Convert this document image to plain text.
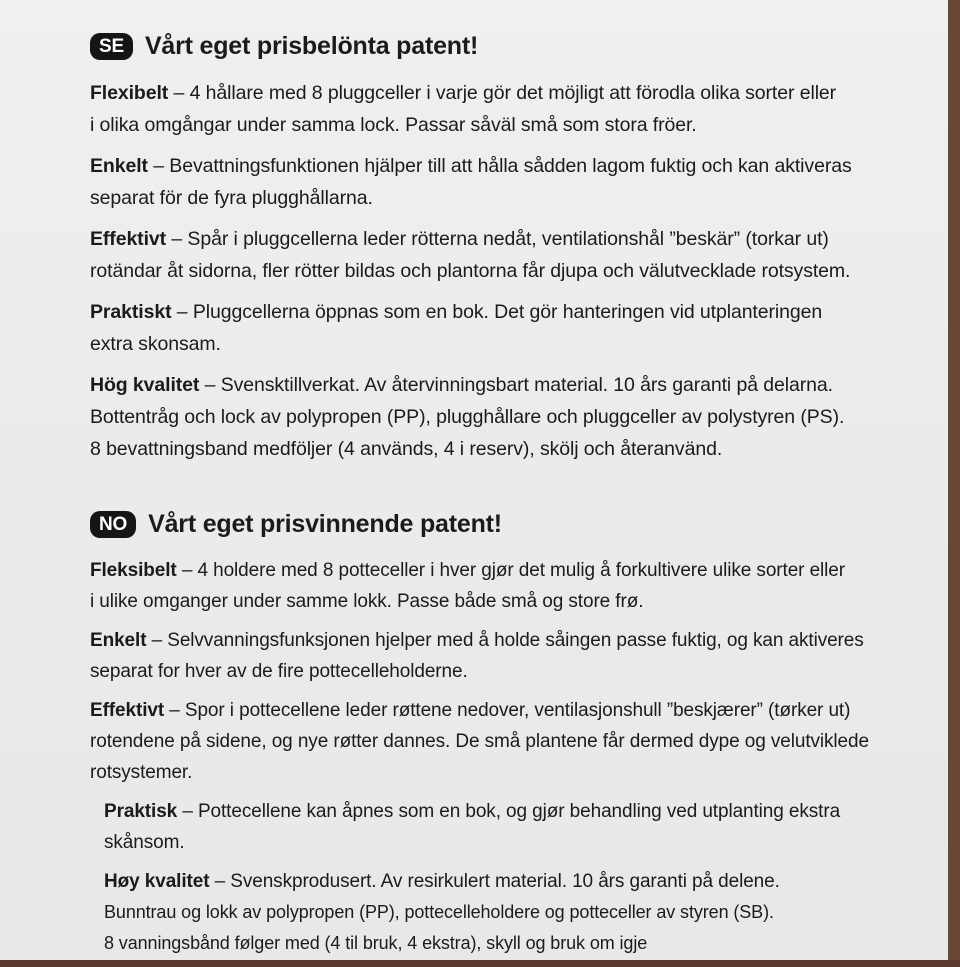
SE Vårt eget prisbelönta patent!

Flexibelt – 4 hållare med 8 pluggceller i varje gör det möjligt att förodla olika sorter eller
i olika omgångar under samma lock. Passar såväl små som stora fröer.

Enkelt – Bevattningsfunktionen hjälper till att hålla sådden lagom fuktig och kan aktiveras
separat för de fyra plugghållarna.

Effektivt – Spår i pluggcellerna leder rötterna nedåt, ventilationshål ”beskär” (torkar ut)
rotändar åt sidorna, fler rötter bildas och plantorna får djupa och välutvecklade rotsystem.

Praktiskt – Pluggcellerna öppnas som en bok. Det gör hanteringen vid utplanteringen
extra skonsam.

Hög kvalitet – Svensktillverkat. Av återvinningsbart material. 10 års garanti på delarna.
Bottentråg och lock av polypropen (PP), plugghållare och pluggceller av polystyren (PS).
8 bevattningsband medföljer (4 används, 4 i reserv), skölj och återanvänd.

NO Vårt eget prisvinnende patent!

Fleksibelt – 4 holdere med 8 potteceller i hver gjør det mulig å forkultivere ulike sorter eller
i ulike omganger under samme lokk. Passe både små og store frø.

Enkelt – Selvvanningsfunksjonen hjelper med å holde såingen passe fuktig, og kan aktiveres
separat for hver av de fire pottecelleholderne.

Effektivt – Spor i pottecellene leder røttene nedover, ventilasjonshull ”beskjærer” (tørker ut)
rotendene på sidene, og nye røtter dannes. De små plantene får dermed dype og velutviklede
rotsystemer.

Praktisk – Pottecellene kan åpnes som en bok, og gjør behandling ved utplanting ekstra skånsom.

Høy kvalitet – Svenskprodusert. Av resirkulert material. 10 års garanti på delene.
Bunntrau og lokk av polypropen (PP), pottecelleholdere og potteceller av styren (SB).
8 vanningsbånd følger med (4 til bruk, 4 ekstra), skyll og bruk om igje
